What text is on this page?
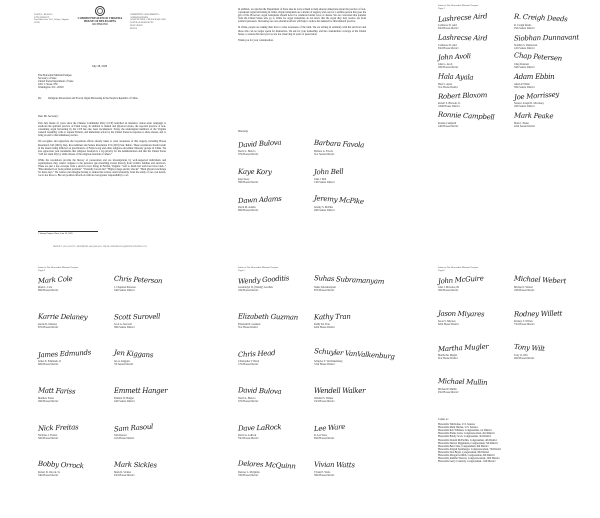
COMMONWEALTH OF VIRGINIA
HOUSE OF DELEGATES
RICHMOND
DAVID L. BULOVA
37TH DISTRICT
Post Office Box 1351, Fairfax, Virginia 22038
COMMITTEE ASSIGNMENTS:
APPROPRIATIONS
AGRICULTURE, CHESAPEAKE AND NATURAL RESOURCES
EDUCATION
RULES
July 28, 2020
The Honorable Michael Pompeo
Secretary of State
United States Department of State
2201 C Street, NW
Washington, D.C. 20520
Re:	Religious Persecution and Forced Organ Harvesting in the People's Republic of China
Dear Mr. Secretary:

This July marks 21 years since the Chinese Communist Party (CCP) launched an intensive, nation-wide campaign to eradicate the spiritual practice of Falun Gong. In addition to mental and physical torture, the reported practice of non-consenting organ harvesting by the CCP has also been documented. Today, the undersigned members of the Virginia General Assembly write to request Federal, and immediate action by the United States in response to these abuses, and to bring an end to this inhumane practice.

We recognize and appreciate the bi-partisan efforts already taken to raise awareness of this tragedy, including House Resolution 343 (2016), Rep. Ros-Lehtinen and Senate Resolution 274 (2019) Sen. Rubio. These resolutions should result in the fastest being inflicted on practitioners of Falun Gong and other religious and ethnic minority groups in China. We also appreciate your statements that religious freedom is a top priority for the Administration and that the United States "will not stand idly by while abuses of the religious freedom of others."

While the resolutions provide the history of persecution and are investigations by well-respected individuals and organizations, they cannot compare to the personal, gut-wrenching stories directly from victim's families and survivors. These are just a few excerpts from a survivor now living in Fairfax, Virginia: "Left to death bed with four blood and..." "Bloodstained lost from painful positions" "Violently forced diet" "High-voltage electric shocks" "Hard physical exchange for three days." We cannot even imagine having to endure this torture. And fortunately, from the safety of our own nation, we do not have to. But our position affords us with an even greater responsibility to act.

1 Wormy Pompeo Tours, June 16, 2020
DISTRICT: (703) 310-6752 • RICHMOND: (804) 698-1037 • EMAIL: DELDBULOVA@HOUSE.VIRGINIA.GOV

In addition, we ask that the Department of State take its tools at hand to help educate Americans about the practice of non-consensual organ harvesting in China. Organ transplants are a matter of urgency and care for a selfless person that goes the gift of life. However, organ transplants should never be conducted under force or duress. We are concerned that patients from the United States who go to China for organ transplants do not know that the organ they may receive are from political prisoners. Increasing our own education efforts will help to reduce the demand for this immoral practice.

In China, people are risking their lives to raise awareness of the truth. We are writing in solidarity with the survivors and those who can no longer speak for themselves. We ask for your leadership, and the considerable coverage of the United States, to ensure that next year we are not observing 22 years of persecution.

Thank you for your consideration.

Sincerely,
David Bulova
David L. Bulova
37th House District
Barbara Favola
Barbara A. Favola
31st Senate District
Kaye Kory
Kaye Kory
38th House District
John Bell
John J. Bell
13th Senate District
Dawn Adams
Dawn M. Adams
68th House District
Jeremy McPike
Jeremy S. McPike
29th Senate District
Letter to The Honorable Michael Pompeo
Page 3
Lashrecse Aird
Lashrecse D. Aird
63rd House District
R. Creigh Deeds
R. Creigh Deeds
25th Senate District
Lashrecse Aird
Lashrecse D. Aird
63rd House District
Siobhan Dunnavant
Siobhan S. Dunnavant
12th Senate District
John Avoli
John G. Avoli
20th House District
Chap Petersen
Chap Petersen
34th Senate District
Hala Ayala
Hala S. Ayala
51st House District
Adam Ebbin
Adam P. Ebbin
30th Senate District
Robert Bloxom
Robert S. Bloxom, Jr.
100th House District
Joe Morrissey
Senator Joseph D. Morrissey
16th Senate District
Ronnie Campbell
Ronnie Campbell
24th House District
Mark Peake
Mark J. Peake
22nd Senate District
Letter to The Honorable Michael Pompeo
Page 4
Mark Cole
Mark L. Cole
88th House District
Chris Peterson
J. Chapman Petersen
34th Senate District
Karrie Delaney
Karrie K. Delaney
67th House District
Scott Surovell
Scott A. Surovell
36th Senate District
James Edmunds
James E. Edmunds, II
60th House District
Jen Kiggans
Jen A. Kiggans
7th Senate District
Matt Fariss
Matthew Fariss
59th House District
Emmett Hanger
Emmett W. Hanger
24th Senate District
Nick Freitas
Nicholas J. Freitas
30th House District
Sam Rasoul
Sam Rasoul
11th House District
Bobby Orrock
Robert D. Orrock, Sr.
54th House District
Mark Sickles
Mark D. Sickles
43rd House District
Letter to The Honorable Michael Pompeo
Page 5
Wendy Gooditis
Gwendolyn W. (Wendy) Gooditis
10th House District
Suhas Subramanyam
Suhas Subramanyam
87th House District
Elizabeth Guzman
Elizabeth R. Guzman
31st House District
Kathy Tran
Kathy KL Tran
42nd House District
Chris Head
Christopher T. Head
17th House District
Schuyler VanValkenburg
Schuyler T. VanValkenburg
72nd House District
David Bulova
David L. Bulova
37th House District
Wendell Walker
Wendell S. Walker
23rd House District
Dave LaRock
David A. LaRock
33rd House District
Lee Ware
R. Lee Ware
65th House District
Delores McQuinn
Delores L. McQuinn
70th House District
Vivian Watts
Vivian E. Watts
39th House District
Letter to The Honorable Michael Pompeo
Page 6
John McGuire
John J. McGuire, III
56th House District
Michael Webert
Michael J. Webert
18th House District
Jason Miyares
Jason S. Miyares
82nd House District
Rodney Willett
Rodney T. Willett
73rd House District
Martha Mugler
Martha M. Mugler
91st House District
Tony Wilt
Tony O. Wilt
26th House District
Michael Mullin
Michael P. Mullin
93rd House District
Copies to:
Honorable Tim Kaine, U.S. Senator
Honorable Mark Warner, U.S. Senator
Honorable Rob Wittman, Congressman, 1st District
Honorable Elaine Luria, Congresswoman, 2nd District
Honorable Bobby Scott, Congressman, 3rd District
Honorable Donald McEachin, Congressman, 4th District
Honorable Denver Riggleman, Congressman, 5th District
Honorable Ben Cline, Congressman, 6th District
Honorable Abigail Spanberger, Congresswoman, 7th District
Honorable Don Beyer, Congressman, 8th District
Honorable Morgan Griffith, Congressman, 9th District
Honorable Jennifer Wexton, Congresswoman, 10th District
Honorable Gerry Connolly, Congressman, 11th District
